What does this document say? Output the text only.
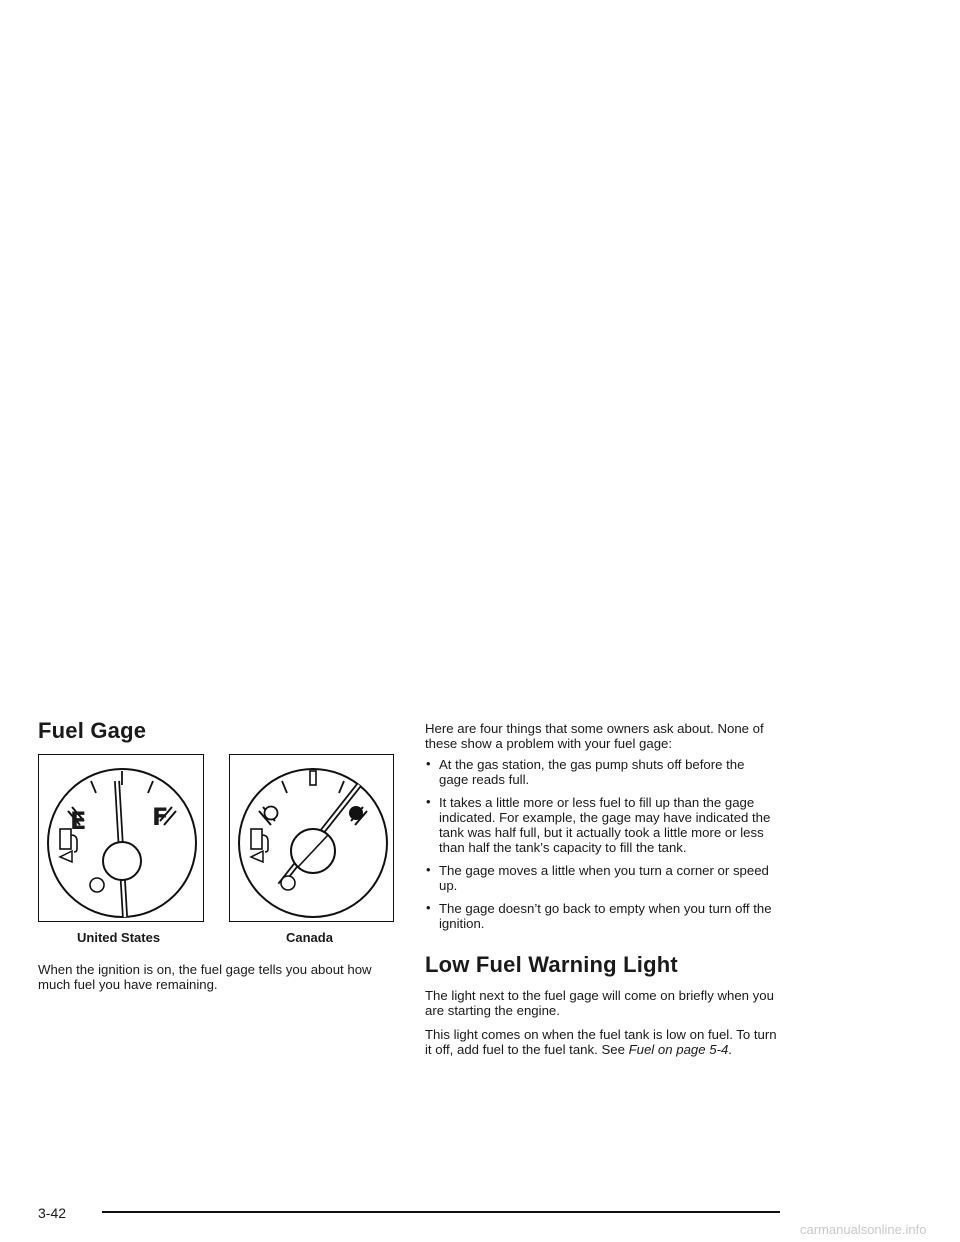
Fuel Gage
E	F
United States	Canada

When the ignition is on, the fuel gage tells you about how much fuel you have remaining.

Here are four things that some owners ask about. None of these show a problem with your fuel gage:

• At the gas station, the gas pump shuts off before the gage reads full.
• It takes a little more or less fuel to fill up than the gage indicated. For example, the gage may have indicated the tank was half full, but it actually took a little more or less than half the tank’s capacity to fill the tank.
• The gage moves a little when you turn a corner or speed up.
• The gage doesn’t go back to empty when you turn off the ignition.
Low Fuel Warning Light

The light next to the fuel gage will come on briefly when you are starting the engine.

This light comes on when the fuel tank is low on fuel. To turn it off, add fuel to the fuel tank. See Fuel on page 5-4.

3-42
carmanualsonline.info
